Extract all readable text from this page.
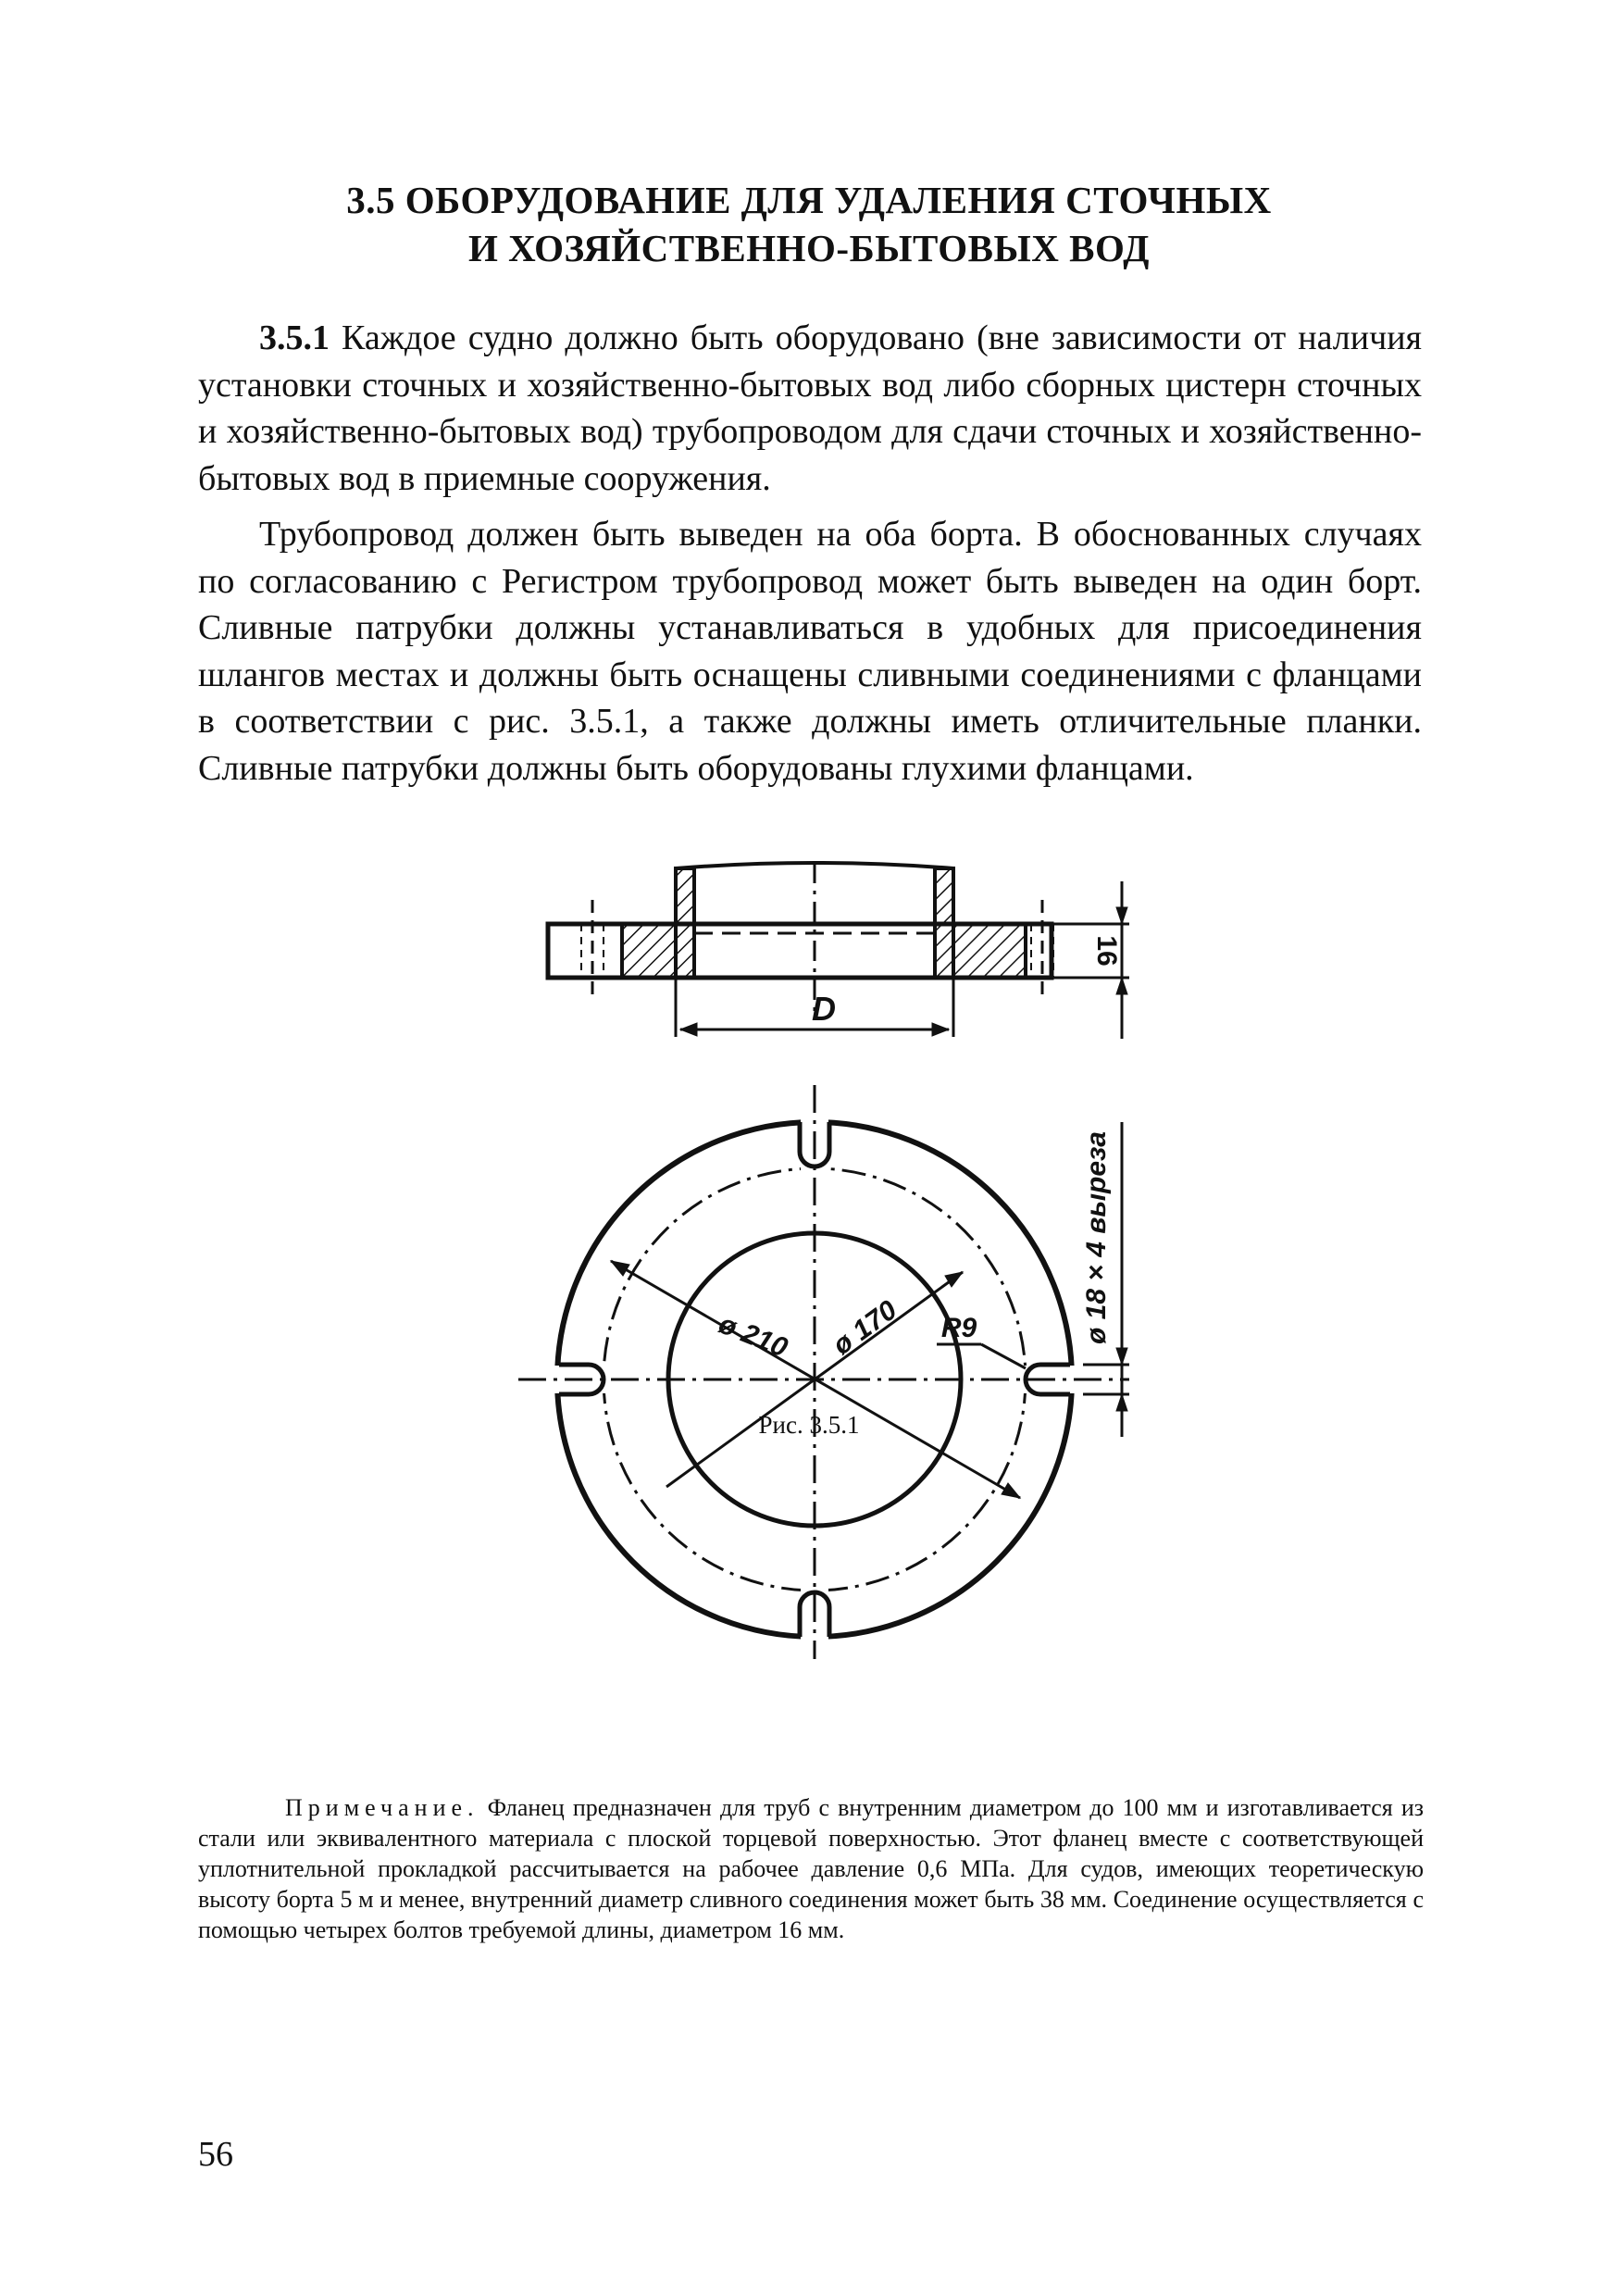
3.5 ОБОРУДОВАНИЕ ДЛЯ УДАЛЕНИЯ СТОЧНЫХ
И ХОЗЯЙСТВЕННО-БЫТОВЫХ ВОД

3.5.1 Каждое судно должно быть оборудовано (вне зависимости от наличия установки сточных и хозяйственно-бытовых вод либо сборных цистерн сточных и хозяйственно-бытовых вод) трубопроводом для сдачи сточных и хозяйственно-бытовых вод в приемные сооружения.

Трубопровод должен быть выведен на оба борта. В обоснованных случаях по согласованию с Регистром трубопровод может быть выведен на один борт. Сливные патрубки должны устанавливаться в удобных для присоединения шлангов местах и должны быть оснащены сливными соединениями с фланцами в соответствии с рис. 3.5.1, а также должны иметь отличительные планки. Сливные патрубки должны быть оборудованы глухими фланцами.

D
16
ø 210 ø 170 R9	ø 18 × 4 выреза
Рис. 3.5.1

Примечание. Фланец предназначен для труб с внутренним диаметром до 100 мм и изготавливается из стали или эквивалентного материала с плоской торцевой поверхностью. Этот фланец вместе с соответствующей уплотнительной прокладкой рассчитывается на рабочее давление 0,6 МПа. Для судов, имеющих теоретическую высоту борта 5 м и менее, внутренний диаметр сливного соединения может быть 38 мм. Соединение осуществляется с помощью четырех болтов требуемой длины, диаметром 16 мм.

56
